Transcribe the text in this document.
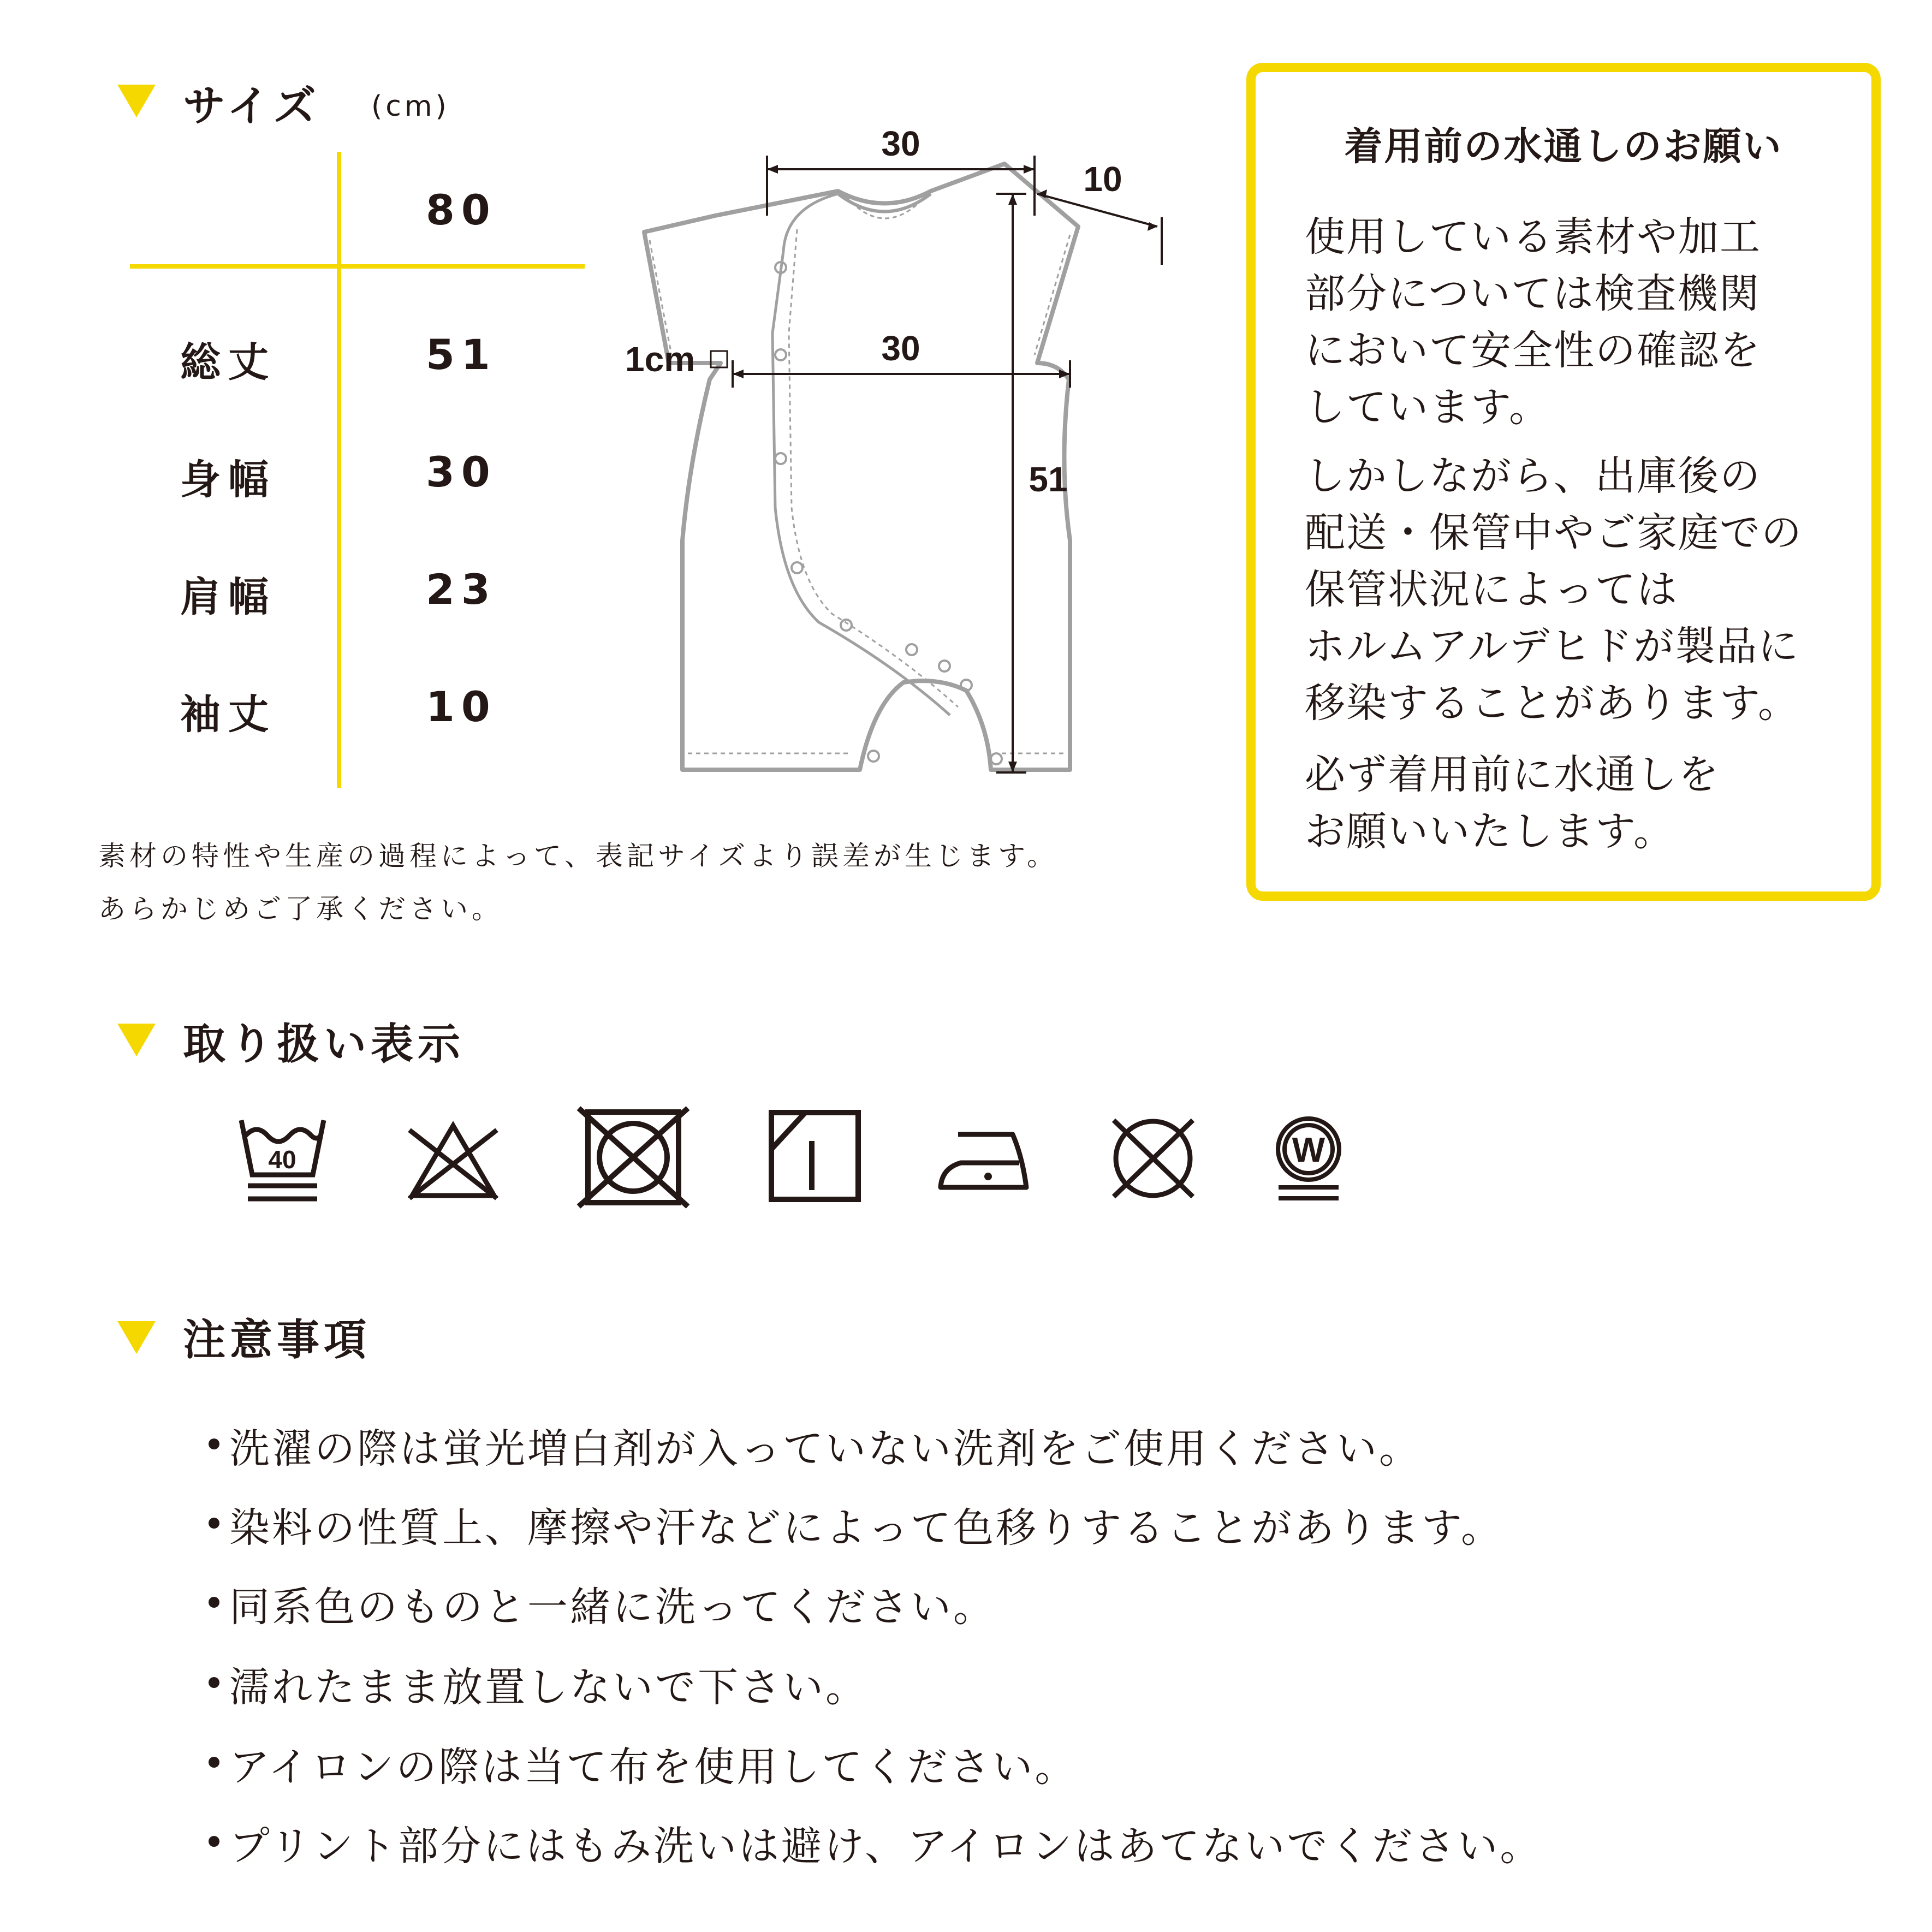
サイズ (cm)
80
総丈	51
身幅	30
肩幅	23
袖丈	10
30
10
30
51
1cm
素材の特性や生産の過程によって、表記サイズより誤差が生じます。
あらかじめご了承ください。
着用前の水通しのお願い
使用している素材や加工
部分については検査機関
において安全性の確認を
しています。
しかしながら、出庫後の
配送・保管中やご家庭での
保管状況によっては
ホルムアルデヒドが製品に
移染することがあります。
必ず着用前に水通しを
お願いいたします。
取り扱い表示
40	W
注意事項
洗濯の際は蛍光増白剤が入っていない洗剤をご使用ください。
染料の性質上、摩擦や汗などによって色移りすることがあります。
同系色のものと一緒に洗ってください。
濡れたまま放置しないで下さい。
アイロンの際は当て布を使用してください。
プリント部分にはもみ洗いは避け、アイロンはあてないでください。
